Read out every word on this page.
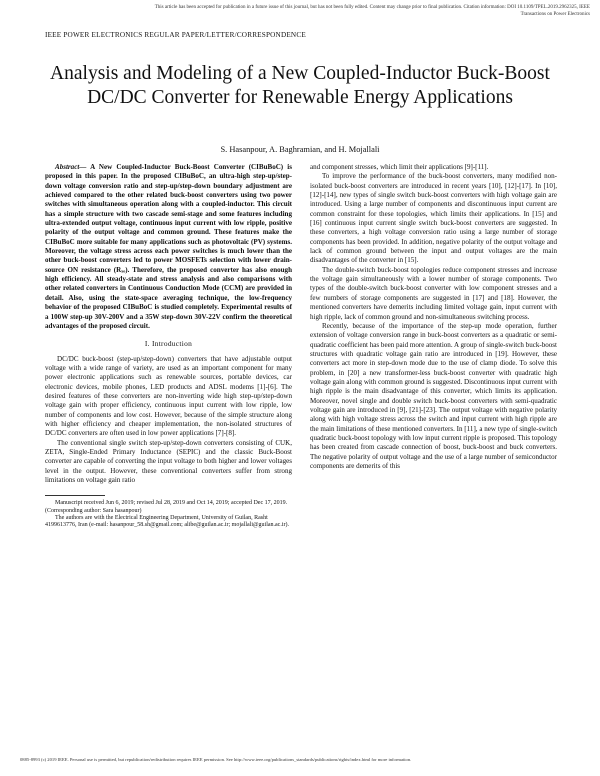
This article has been accepted for publication in a future issue of this journal, but has not been fully edited. Content may change prior to final publication. Citation information: DOI 10.1109/TPEL.2019.2962325, IEEE
Transactions on Power Electronics
IEEE POWER ELECTRONICS REGULAR PAPER/LETTER/CORRESPONDENCE
Analysis and Modeling of a New Coupled-Inductor Buck-Boost DC/DC Converter for Renewable Energy Applications
S. Hasanpour, A. Baghramian, and H. Mojallali

Abstract— A New Coupled-Inductor Buck-Boost Converter (CIBuBoC) is proposed in this paper. In the proposed CIBuBoC, an ultra-high step-up/step-down voltage conversion ratio and step-up/step-down boundary adjustment are achieved compared to the other related buck-boost converters using two power switches with simultaneous operation along with a coupled-inductor. This circuit has a simple structure with two cascade semi-stage and some features including ultra-extended output voltage, continuous input current with low ripple, positive polarity of the output voltage and common ground. These features make the CIBuBoC more suitable for many applications such as photovoltaic (PV) systems. Moreover, the voltage stress across each power switches is much lower than the other buck-boost converters led to power MOSFETs selection with lower drain-source ON resistance (Rₓₒ). Therefore, the proposed converter has also enough high efficiency. All steady-state and stress analysis and also comparisons with other related converters in Continuous Conduction Mode (CCM) are provided in detail. Also, using the state-space averaging technique, the low-frequency behavior of the proposed CIBuBoC is studied completely. Experimental results of a 100W step-up 30V-200V and a 35W step-down 30V-22V confirm the theoretical advantages of the proposed circuit.

I. Introduction

DC/DC buck-boost (step-up/step-down) converters that have adjustable output voltage with a wide range of variety, are used as an important component for many power electronic applications such as renewable sources, portable devices, car electronic devices, mobile phones, LED products and ADSL modems [1]-[6]. The desired features of these converters are non-inverting wide high step-up/step-down voltage gain with proper efficiency, continuous input current with low ripple, low number of components and low cost. However, because of the simple structure along with higher efficiency and cheaper implementation, the non-isolated structures of DC/DC converters are often used in low power applications [7]-[8].

The conventional single switch step-up/step-down converters consisting of CUK, ZETA, Single-Ended Primary Inductance (SEPIC) and the classic Buck-Boost converter are capable of converting the input voltage to both higher and lower voltages level in the output. However, these conventional converters suffer from strong limitations on voltage gain ratio

Manuscript received Jun 6, 2019; revised Jul 28, 2019 and Oct 14, 2019; accepted Dec 17, 2019. (Corresponding author: Sara hasanpour)

The authors are with the Electrical Engineering Department, University of Guilan, Rasht 4199613776, Iran (e-mail: hasanpour_58.sh@gmail.com; alibe@guilan.ac.ir; mojallali@guilan.ac.ir).

and component stresses, which limit their applications [9]-[11].

To improve the performance of the buck-boost converters, many modified non-isolated buck-boost converters are introduced in recent years [10], [12]-[17]. In [10], [12]-[14], new types of single switch buck-boost converters with high voltage gain are introduced. Using a large number of components and discontinuous input current are common constraint for these topologies, which limits their applications. In [15] and [16] continuous input current single switch buck-boost converters are suggested. In these converters, a high voltage conversion ratio using a large number of storage components has been provided. In addition, negative polarity of the output voltage and lack of common ground between the input and output voltages are the main disadvantages of the converter in [15].

The double-switch buck-boost topologies reduce component stresses and increase the voltage gain simultaneously with a lower number of storage components. Two types of the double-switch buck-boost converter with low component stresses and a few numbers of storage components are suggested in [17] and [18]. However, the mentioned converters have demerits including limited voltage gain, input current with high ripple, lack of common ground and non-simultaneous switching process.

Recently, because of the importance of the step-up mode operation, further extension of voltage conversion range in buck-boost converters as a quadratic or semi-quadratic coefficient has been paid more attention. A group of single-switch buck-boost structures with quadratic voltage gain ratio are introduced in [19]. However, these converters act more in step-down mode due to the use of clamp diode. To solve this problem, in [20] a new transformer-less buck-boost converter with quadratic high voltage gain along with common ground is suggested. Discontinuous input current with high ripple is the main disadvantage of this converter, which limits its application. Moreover, novel single and double switch buck-boost converters with semi-quadratic voltage gain are introduced in [9], [21]-[23]. The output voltage with negative polarity along with high voltage stress across the switch and input current with high ripple are the main limitations of these mentioned converters. In [11], a new type of single-switch quadratic buck-boost topology with low input current ripple is proposed. This topology has been created from cascade connection of boost, buck-boost and buck converters. The negative polarity of output voltage and the use of a large number of semiconductor components are demerits of this

0885-8993 (c) 2019 IEEE. Personal use is permitted, but republication/redistribution requires IEEE permission. See http://www.ieee.org/publications_standards/publications/rights/index.html for more information.
